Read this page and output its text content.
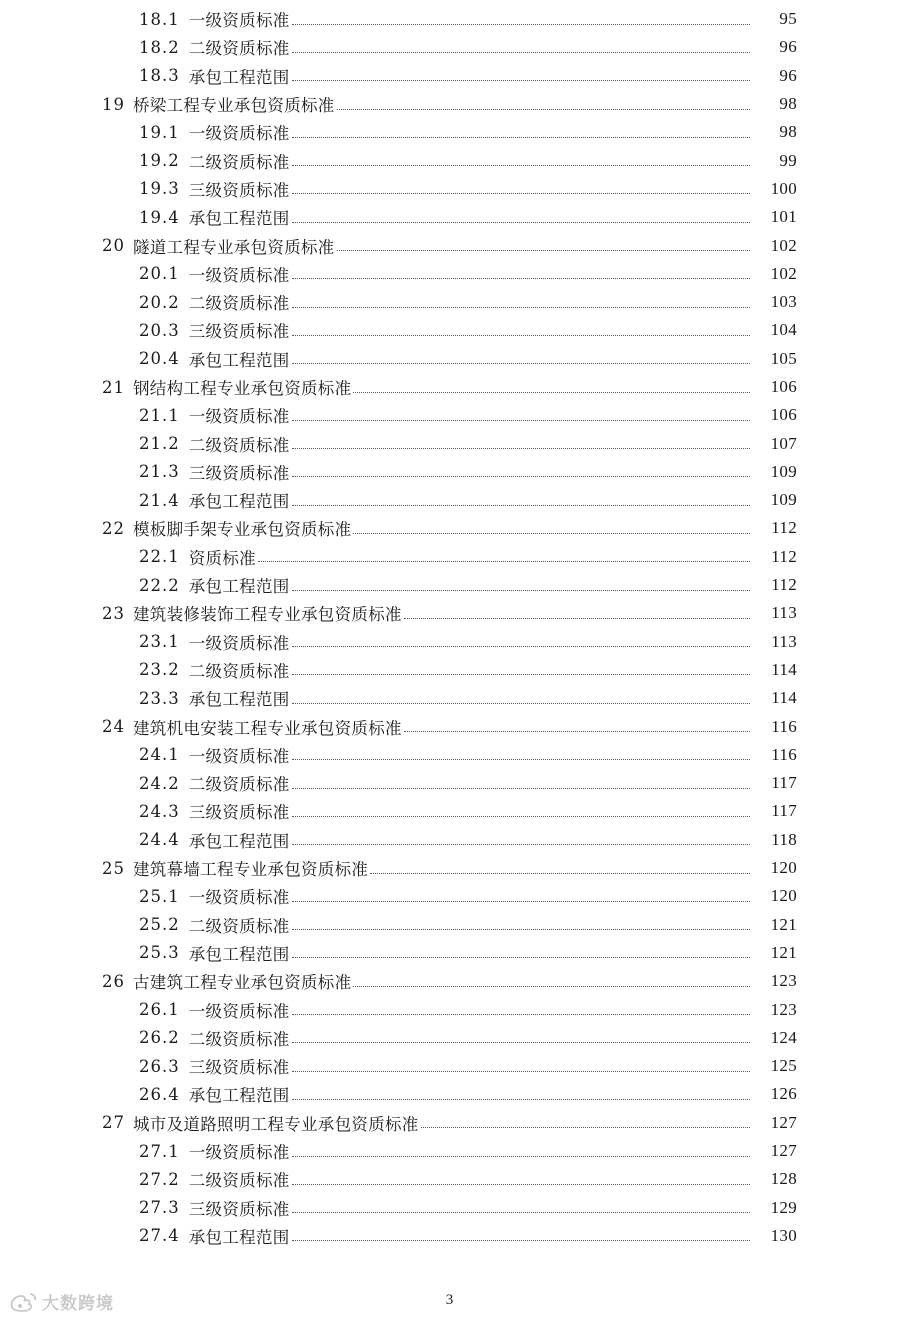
18.1 一级资质标准	95
18.2 二级资质标准	96
18.3 承包工程范围	96
19 桥梁工程专业承包资质标准	98
19.1 一级资质标准	98
19.2 二级资质标准	99
19.3 三级资质标准	100
19.4 承包工程范围	101
20 隧道工程专业承包资质标准	102
20.1 一级资质标准	102
20.2 二级资质标准	103
20.3 三级资质标准	104
20.4 承包工程范围	105
21 钢结构工程专业承包资质标准	106
21.1 一级资质标准	106
21.2 二级资质标准	107
21.3 三级资质标准	109
21.4 承包工程范围	109
22 模板脚手架专业承包资质标准	112
22.1 资质标准	112
22.2 承包工程范围	112
23 建筑装修装饰工程专业承包资质标准	113
23.1 一级资质标准	113
23.2 二级资质标准	114
23.3 承包工程范围	114
24 建筑机电安装工程专业承包资质标准	116
24.1 一级资质标准	116
24.2 二级资质标准	117
24.3 三级资质标准	117
24.4 承包工程范围	118
25 建筑幕墙工程专业承包资质标准	120
25.1 一级资质标准	120
25.2 二级资质标准	121
25.3 承包工程范围	121
26 古建筑工程专业承包资质标准	123
26.1 一级资质标准	123
26.2 二级资质标准	124
26.3 三级资质标准	125
26.4 承包工程范围	126
27 城市及道路照明工程专业承包资质标准	127
27.1 一级资质标准	127
27.2 二级资质标准	128
27.3 三级资质标准	129
27.4 承包工程范围	130
大数跨境	3
